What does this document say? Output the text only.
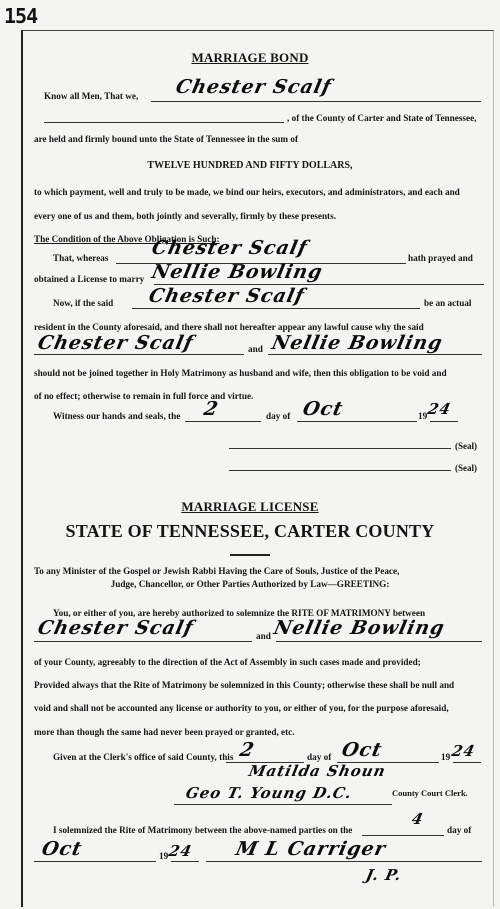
154
MARRIAGE BOND
Know all Men, That we, Chester Scalf
, of the County of Carter and State of Tennessee,
are held and firmly bound unto the State of Tennessee in the sum of
TWELVE HUNDRED AND FIFTY DOLLARS,
to which payment, well and truly to be made, we bind our heirs, executors, and administrators, and each and
every one of us and them, both jointly and severally, firmly by these presents.
The Condition of the Above Obligation is Such:
That, whereas Chester Scalf	hath prayed and
obtained a License to marry Nellie Bowling
Now, if the said Chester Scalf	be an actual
resident in the County aforesaid, and there shall not hereafter appear any lawful cause why the said
Chester Scalf	and Nellie Bowling
should not be joined together in Holy Matrimony as husband and wife, then this obligation to be void and
of no effect; otherwise to remain in full force and virtue.
Witness our hands and seals, the 2	day of Oct	19 24
(Seal)
(Seal)
MARRIAGE LICENSE
STATE OF TENNESSEE, CARTER COUNTY
To any Minister of the Gospel or Jewish Rabbi Having the Care of Souls, Justice of the Peace,
Judge, Chancellor, or Other Parties Authorized by Law—GREETING:
You, or either of you, are hereby authorized to solemnize the RITE OF MATRIMONY between
Chester Scalf	and Nellie Bowling
of your County, agreeably to the direction of the Act of Assembly in such cases made and provided;
Provided always that the Rite of Matrimony be solemnized in this County; otherwise these shall be null and
void and shall not be accounted any license or authority to you, or either of you, for the purpose aforesaid,
more than though the same had never been prayed or granted, etc.
Given at the Clerk's office of said County, this 2	day of Oct	19 24
Matilda Shoun
Geo T. Young D.C.	County Court Clerk.
I solemnized the Rite of Matrimony between the above-named parties on the
4
day of
Oct	19 24 M L Carriger
J. P.
